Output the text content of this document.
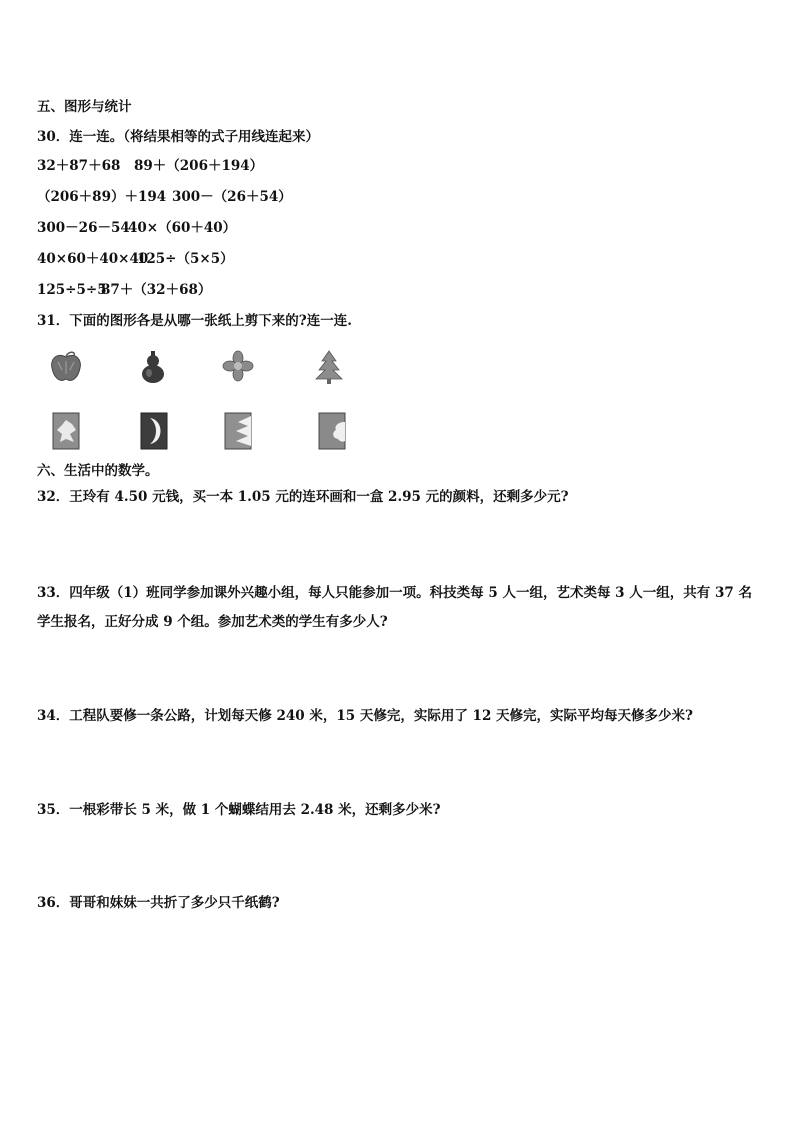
五、图形与统计
30．连一连。（将结果相等的式子用线连起来）
32＋87＋68 89＋（206＋194）
（206＋89）＋194 300－（26＋54）
300－26－54
40×（60＋40）
40×60＋40×40
125÷（5×5）
125÷5÷5
87＋（32＋68）
31．下面的图形各是从哪一张纸上剪下来的?连一连.
六、生活中的数学。
32．王玲有 4.50 元钱，买一本 1.05 元的连环画和一盒 2.95 元的颜料，还剩多少元?
33．四年级（1）班同学参加课外兴趣小组，每人只能参加一项。科技类每 5 人一组，艺术类每 3 人一组，共有 37 名
学生报名，正好分成 9 个组。参加艺术类的学生有多少人?
34．工程队要修一条公路，计划每天修 240 米，15 天修完，实际用了 12 天修完，实际平均每天修多少米?
35．一根彩带长 5 米，做 1 个蝴蝶结用去 2.48 米，还剩多少米?
36．哥哥和妹妹一共折了多少只千纸鹤?
